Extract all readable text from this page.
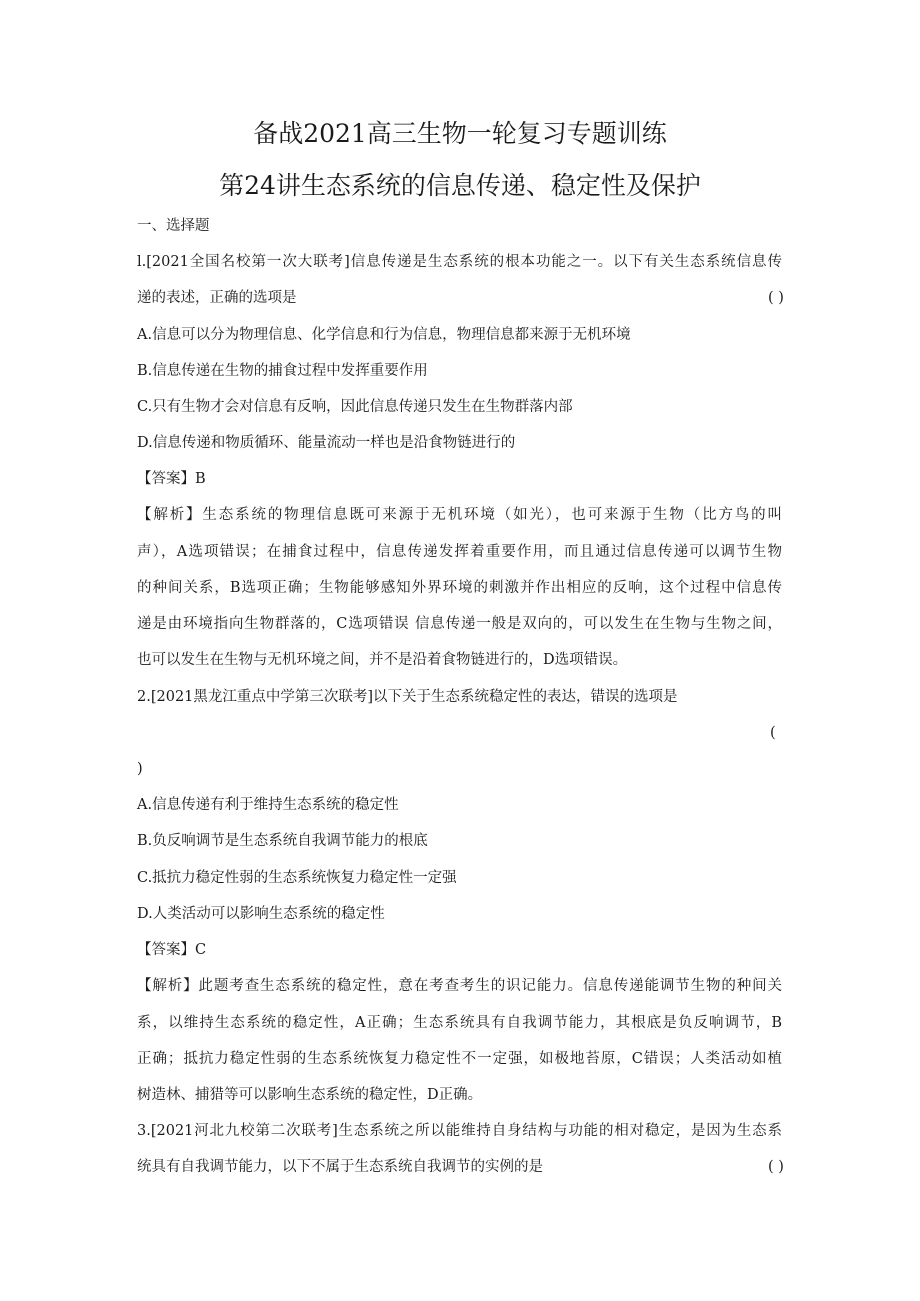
备战2021高三生物一轮复习专题训练
第24讲生态系统的信息传递、稳定性及保护
一、选择题
l.[2021全国名校第一次大联考]信息传递是生态系统的根本功能之一。以下有关生态系统信息传
递的表述，正确的选项是	( )
A.信息可以分为物理信息、化学信息和行为信息，物理信息都来源于无机环境
B.信息传递在生物的捕食过程中发挥重要作用
C.只有生物才会对信息有反响，因此信息传递只发生在生物群落内部
D.信息传递和物质循环、能量流动一样也是沿食物链进行的
【答案】B
【解析】生态系统的物理信息既可来源于无机环境（如光），也可来源于生物（比方鸟的叫
声），A选项错误；在捕食过程中，信息传递发挥着重要作用，而且通过信息传递可以调节生物
的种间关系，B选项正确；生物能够感知外界环境的刺激并作出相应的反响，这个过程中信息传
递是由环境指向生物群落的，C选项错误 信息传递一般是双向的，可以发生在生物与生物之间，
也可以发生在生物与无机环境之间，并不是沿着食物链进行的，D选项错误。
2.[2021黑龙江重点中学第三次联考]以下关于生态系统稳定性的表达，错误的选项是
(
)
A.信息传递有利于维持生态系统的稳定性
B.负反响调节是生态系统自我调节能力的根底
C.抵抗力稳定性弱的生态系统恢复力稳定性一定强
D.人类活动可以影响生态系统的稳定性
【答案】C
【解析】此题考查生态系统的稳定性，意在考查考生的识记能力。信息传递能调节生物的种间关
系，以维持生态系统的稳定性，A正确；生态系统具有自我调节能力，其根底是负反响调节，B
正确；抵抗力稳定性弱的生态系统恢复力稳定性不一定强，如极地苔原，C错误；人类活动如植
树造林、捕猎等可以影响生态系统的稳定性，D正确。
3.[2021河北九校第二次联考]生态系统之所以能维持自身结构与功能的相对稳定，是因为生态系
统具有自我调节能力，以下不属于生态系统自我调节的实例的是	( )
